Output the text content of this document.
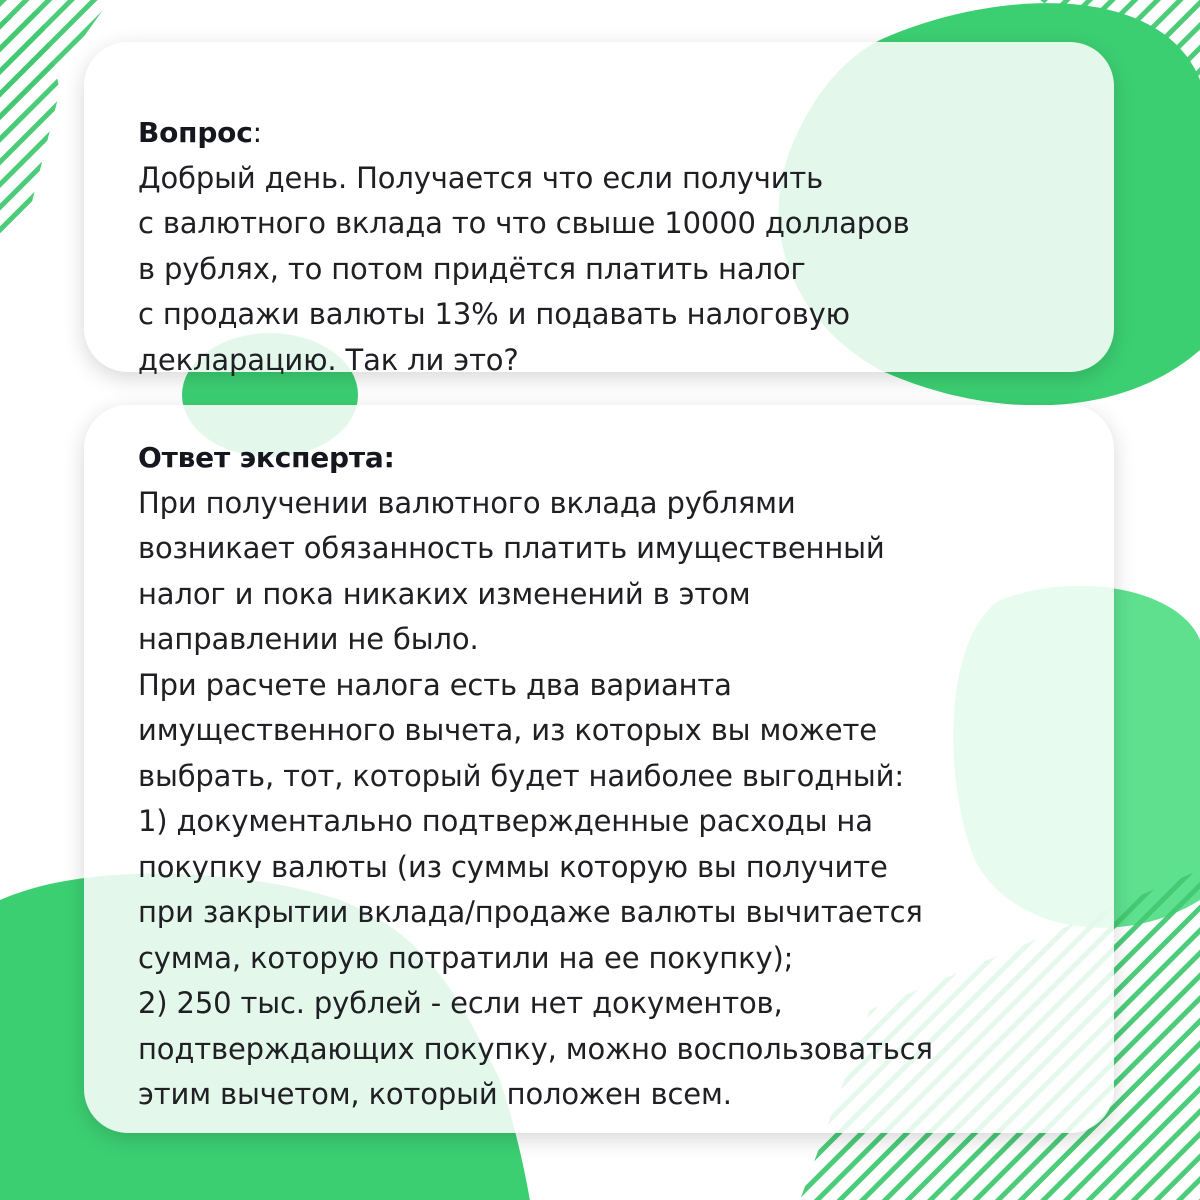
Вопрос:
Добрый день. Получается что если получить
с валютного вклада то что свыше 10000 долларов
в рублях, то потом придётся платить налог
с продажи валюты 13% и подавать налоговую
декларацию. Так ли это?
Ответ эксперта:
При получении валютного вклада рублями
возникает обязанность платить имущественный
налог и пока никаких изменений в этом
направлении не было.
При расчете налога есть два варианта
имущественного вычета, из которых вы можете
выбрать, тот, который будет наиболее выгодный:
1) документально подтвержденные расходы на
покупку валюты (из суммы которую вы получите
при закрытии вклада/продаже валюты вычитается
сумма, которую потратили на ее покупку);
2) 250 тыс. рублей - если нет документов,
подтверждающих покупку, можно воспользоваться
этим вычетом, который положен всем.
